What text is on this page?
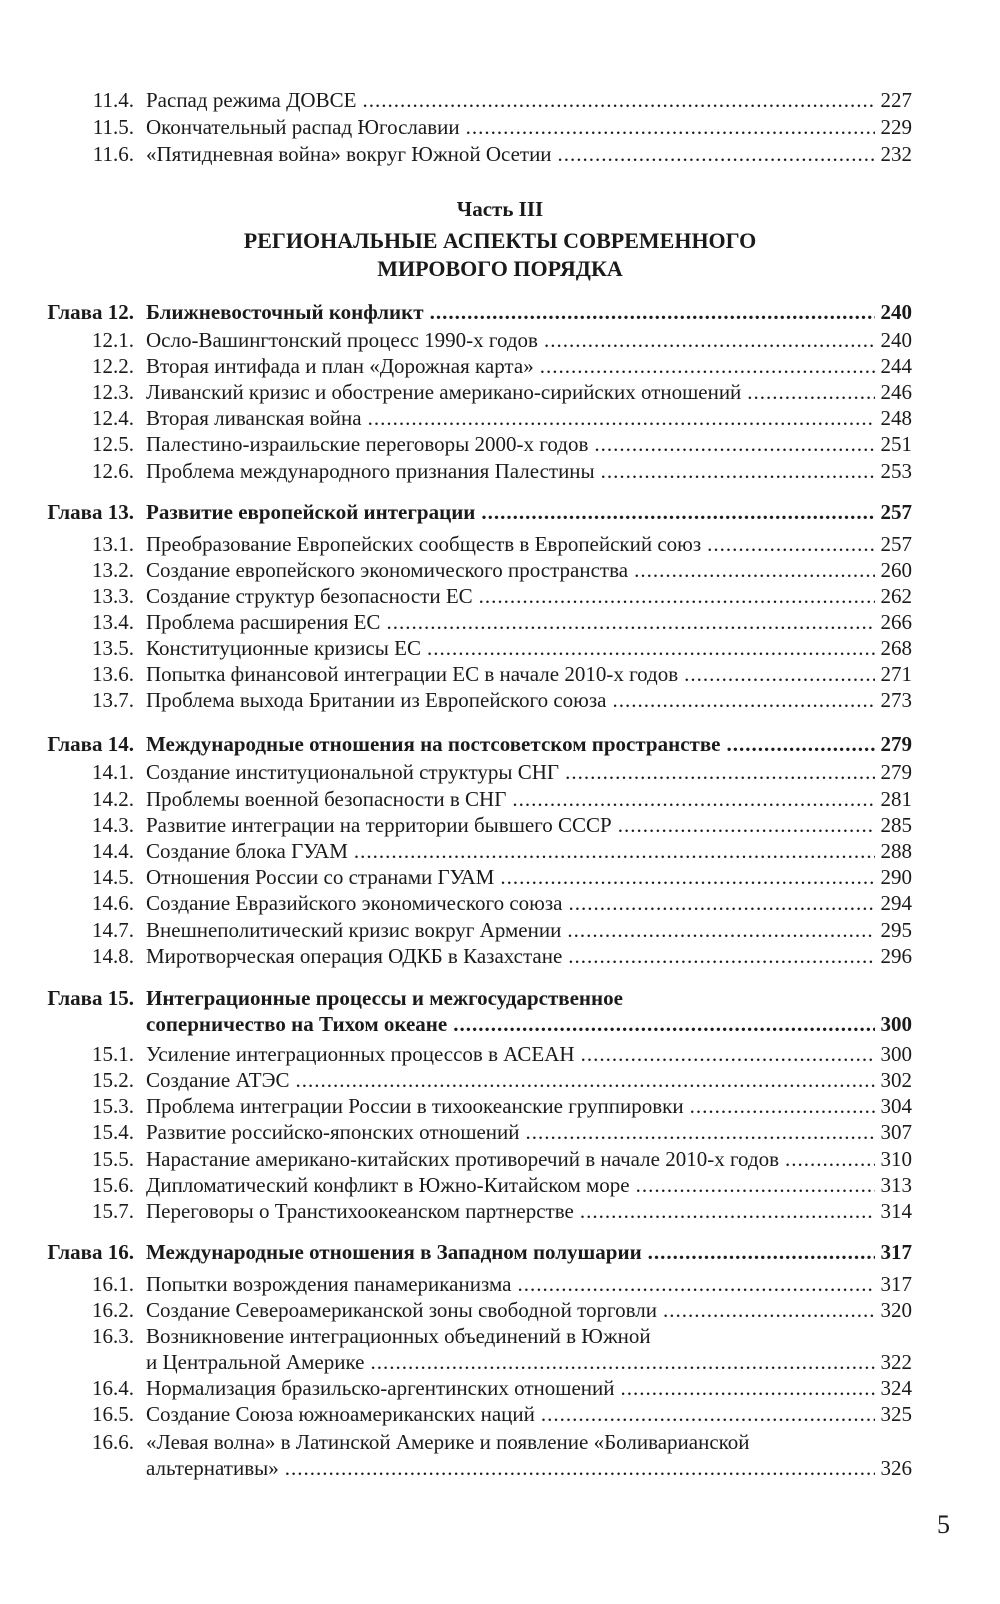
11.4. Распад режима ДОВСЕ .....	227
11.5. Окончательный распад Югославии .....	229
11.6. «Пятидневная война» вокруг Южной Осетии .....	232
Часть III
РЕГИОНАЛЬНЫЕ АСПЕКТЫ СОВРЕМЕННОГО
МИРОВОГО ПОРЯДКА
Глава 12. Ближневосточный конфликт .....	240
12.1. Осло-Вашингтонский процесс 1990-х годов .....	240
12.2. Вторая интифада и план «Дорожная карта» .....	244
12.3. Ливанский кризис и обострение американо-сирийских отношений .....	246
12.4. Вторая ливанская война .....	248
12.5. Палестино-израильские переговоры 2000-х годов .....	251
12.6. Проблема международного признания Палестины .....	253
Глава 13. Развитие европейской интеграции .....	257
13.1. Преобразование Европейских сообществ в Европейский союз .....	257
13.2. Создание европейского экономического пространства .....	260
13.3. Создание структур безопасности ЕС .....	262
13.4. Проблема расширения ЕС .....	266
13.5. Конституционные кризисы ЕС .....	268
13.6. Попытка финансовой интеграции ЕС в начале 2010-х годов .....	271
13.7. Проблема выхода Британии из Европейского союза .....	273
Глава 14. Международные отношения на постсоветском пространстве .....	279
14.1. Создание институциональной структуры СНГ .....	279
14.2. Проблемы военной безопасности в СНГ .....	281
14.3. Развитие интеграции на территории бывшего СССР .....	285
14.4. Создание блока ГУАМ .....	288
14.5. Отношения России со странами ГУАМ .....	290
14.6. Создание Евразийского экономического союза .....	294
14.7. Внешнеполитический кризис вокруг Армении .....	295
14.8. Миротворческая операция ОДКБ в Казахстане .....	296
Глава 15. Интеграционные процессы и межгосударственное
соперничество на Тихом океане .....	300
15.1. Усиление интеграционных процессов в АСЕАН .....	300
15.2. Создание АТЭС .....	302
15.3. Проблема интеграции России в тихоокеанские группировки .....	304
15.4. Развитие российско-японских отношений .....	307
15.5. Нарастание американо-китайских противоречий в начале 2010-х годов .....	310
15.6. Дипломатический конфликт в Южно-Китайском море .....	313
15.7. Переговоры о Транстихоокеанском партнерстве .....	314
Глава 16. Международные отношения в Западном полушарии .....	317
16.1. Попытки возрождения панамериканизма .....	317
16.2. Создание Североамериканской зоны свободной торговли .....	320
16.3. Возникновение интеграционных объединений в Южной
и Центральной Америке .....	322
16.4. Нормализация бразильско-аргентинских отношений .....	324
16.5. Создание Союза южноамериканских наций .....	325
16.6. «Левая волна» в Латинской Америке и появление «Боливарианской
альтернативы» .....	326
5
